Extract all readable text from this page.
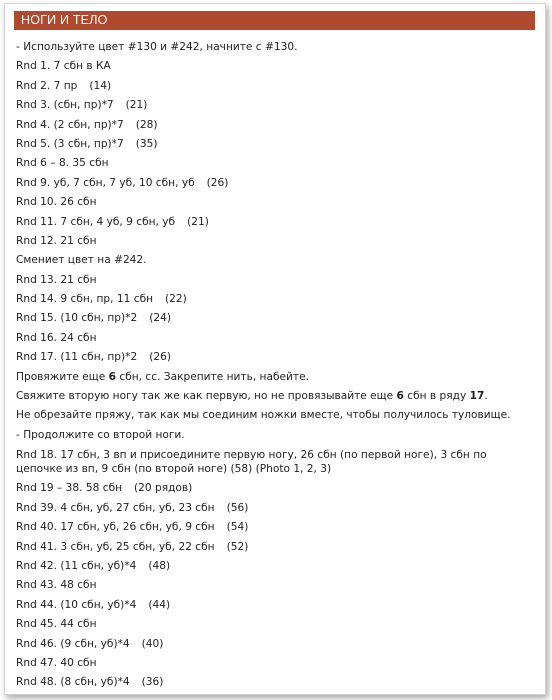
НОГИ И ТЕЛО
- Используйте цвет #130 и #242, начните с #130.
Rnd 1. 7 сбн в КА
Rnd 2. 7 пр (14)
Rnd 3. (сбн, пр)*7 (21)
Rnd 4. (2 сбн, пр)*7 (28)
Rnd 5. (3 сбн, пр)*7 (35)
Rnd 6 – 8. 35 сбн
Rnd 9. уб, 7 сбн, 7 уб, 10 сбн, уб (26)
Rnd 10. 26 сбн
Rnd 11. 7 сбн, 4 уб, 9 сбн, уб (21)
Rnd 12. 21 сбн
Смениет цвет на #242.
Rnd 13. 21 сбн
Rnd 14. 9 сбн, пр, 11 сбн (22)
Rnd 15. (10 сбн, пр)*2 (24)
Rnd 16. 24 сбн
Rnd 17. (11 сбн, пр)*2 (26)
Провяжите еще 6 сбн, сс. Закрепите нить, набейте.
Свяжите вторую ногу так же как первую, но не провязывайте еще 6 сбн в ряду 17.
Не обрезайте пряжу, так как мы соединим ножки вместе, чтобы получилось туловище.
- Продолжите со второй ноги.
Rnd 18. 17 сбн, 3 вп и присоедините первую ногу, 26 сбн (по первой ноге), 3 сбн по цепочке из вп, 9 сбн (по второй ноге) (58) (Photo 1, 2, 3)
Rnd 19 – 38. 58 сбн (20 рядов)
Rnd 39. 4 сбн, уб, 27 сбн, уб, 23 сбн (56)
Rnd 40. 17 сбн, уб, 26 сбн, уб, 9 сбн (54)
Rnd 41. 3 сбн, уб, 25 сбн, уб, 22 сбн (52)
Rnd 42. (11 сбн, уб)*4 (48)
Rnd 43. 48 сбн
Rnd 44. (10 сбн, уб)*4 (44)
Rnd 45. 44 сбн
Rnd 46. (9 сбн, уб)*4 (40)
Rnd 47. 40 сбн
Rnd 48. (8 сбн, уб)*4 (36)
